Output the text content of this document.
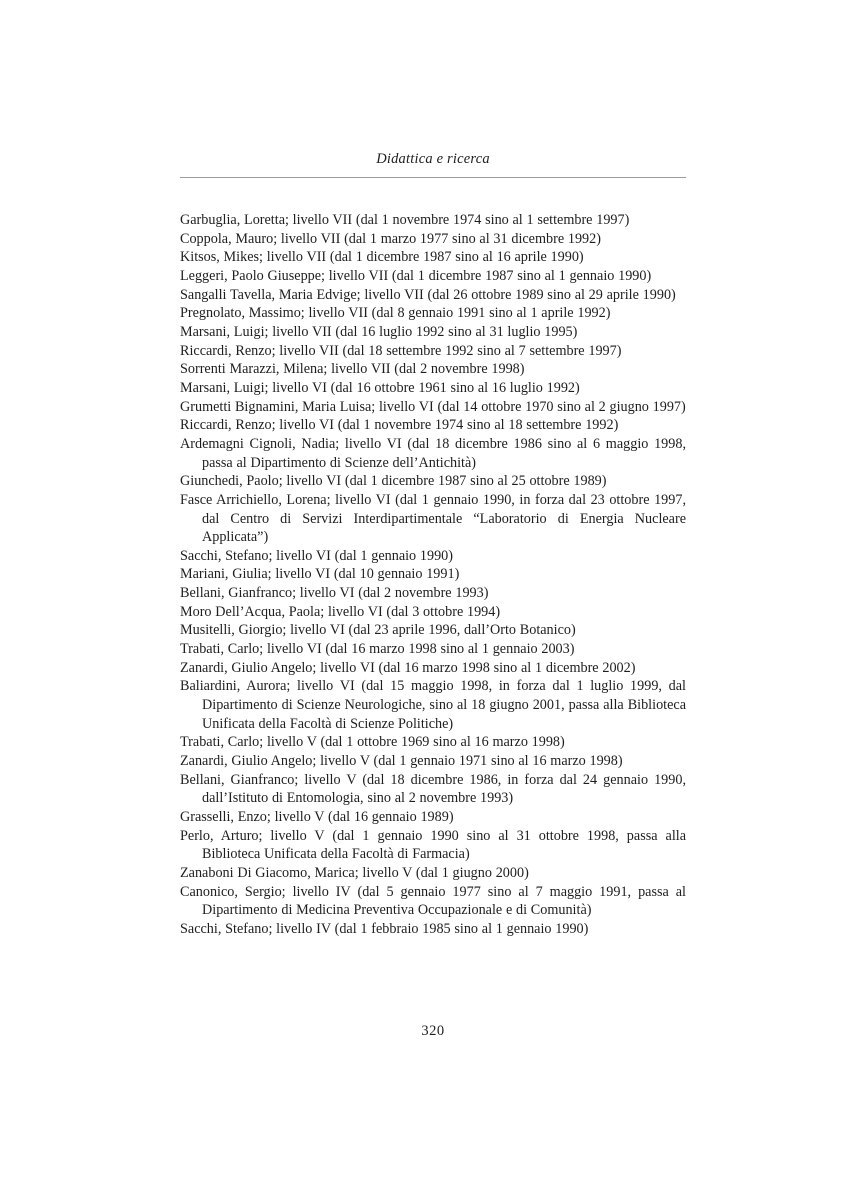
Didattica e ricerca

Garbuglia, Loretta; livello VII (dal 1 novembre 1974 sino al 1 settembre 1997)

Coppola, Mauro; livello VII (dal 1 marzo 1977 sino al 31 dicembre 1992)

Kitsos, Mikes; livello VII (dal 1 dicembre 1987 sino al 16 aprile 1990)

Leggeri, Paolo Giuseppe; livello VII (dal 1 dicembre 1987 sino al 1 gennaio 1990)

Sangalli Tavella, Maria Edvige; livello VII (dal 26 ottobre 1989 sino al 29 aprile 1990)

Pregnolato, Massimo; livello VII (dal 8 gennaio 1991 sino al 1 aprile 1992)

Marsani, Luigi; livello VII (dal 16 luglio 1992 sino al 31 luglio 1995)

Riccardi, Renzo; livello VII (dal 18 settembre 1992 sino al 7 settembre 1997)

Sorrenti Marazzi, Milena; livello VII (dal 2 novembre 1998)

Marsani, Luigi; livello VI (dal 16 ottobre 1961 sino al 16 luglio 1992)

Grumetti Bignamini, Maria Luisa; livello VI (dal 14 ottobre 1970 sino al 2 giugno 1997)

Riccardi, Renzo; livello VI (dal 1 novembre 1974 sino al 18 settembre 1992)

Ardemagni Cignoli, Nadia; livello VI (dal 18 dicembre 1986 sino al 6 maggio 1998, passa al Dipartimento di Scienze dell’Antichità)

Giunchedi, Paolo; livello VI (dal 1 dicembre 1987 sino al 25 ottobre 1989)

Fasce Arrichiello, Lorena; livello VI (dal 1 gennaio 1990, in forza dal 23 ottobre 1997, dal Centro di Servizi Interdipartimentale “Laboratorio di Energia Nucleare Applicata”)

Sacchi, Stefano; livello VI (dal 1 gennaio 1990)

Mariani, Giulia; livello VI (dal 10 gennaio 1991)

Bellani, Gianfranco; livello VI (dal 2 novembre 1993)

Moro Dell’Acqua, Paola; livello VI (dal 3 ottobre 1994)

Musitelli, Giorgio; livello VI (dal 23 aprile 1996, dall’Orto Botanico)

Trabati, Carlo; livello VI (dal 16 marzo 1998 sino al 1 gennaio 2003)

Zanardi, Giulio Angelo; livello VI (dal 16 marzo 1998 sino al 1 dicembre 2002)

Baliardini, Aurora; livello VI (dal 15 maggio 1998, in forza dal 1 luglio 1999, dal Dipartimento di Scienze Neurologiche, sino al 18 giugno 2001, passa alla Biblioteca Unificata della Facoltà di Scienze Politiche)

Trabati, Carlo; livello V (dal 1 ottobre 1969 sino al 16 marzo 1998)

Zanardi, Giulio Angelo; livello V (dal 1 gennaio 1971 sino al 16 marzo 1998)

Bellani, Gianfranco; livello V (dal 18 dicembre 1986, in forza dal 24 gennaio 1990, dall’Istituto di Entomologia, sino al 2 novembre 1993)

Grasselli, Enzo; livello V (dal 16 gennaio 1989)

Perlo, Arturo; livello V (dal 1 gennaio 1990 sino al 31 ottobre 1998, passa alla Biblioteca Unificata della Facoltà di Farmacia)

Zanaboni Di Giacomo, Marica; livello V (dal 1 giugno 2000)

Canonico, Sergio; livello IV (dal 5 gennaio 1977 sino al 7 maggio 1991, passa al Dipartimento di Medicina Preventiva Occupazionale e di Comunità)

Sacchi, Stefano; livello IV (dal 1 febbraio 1985 sino al 1 gennaio 1990)

320
